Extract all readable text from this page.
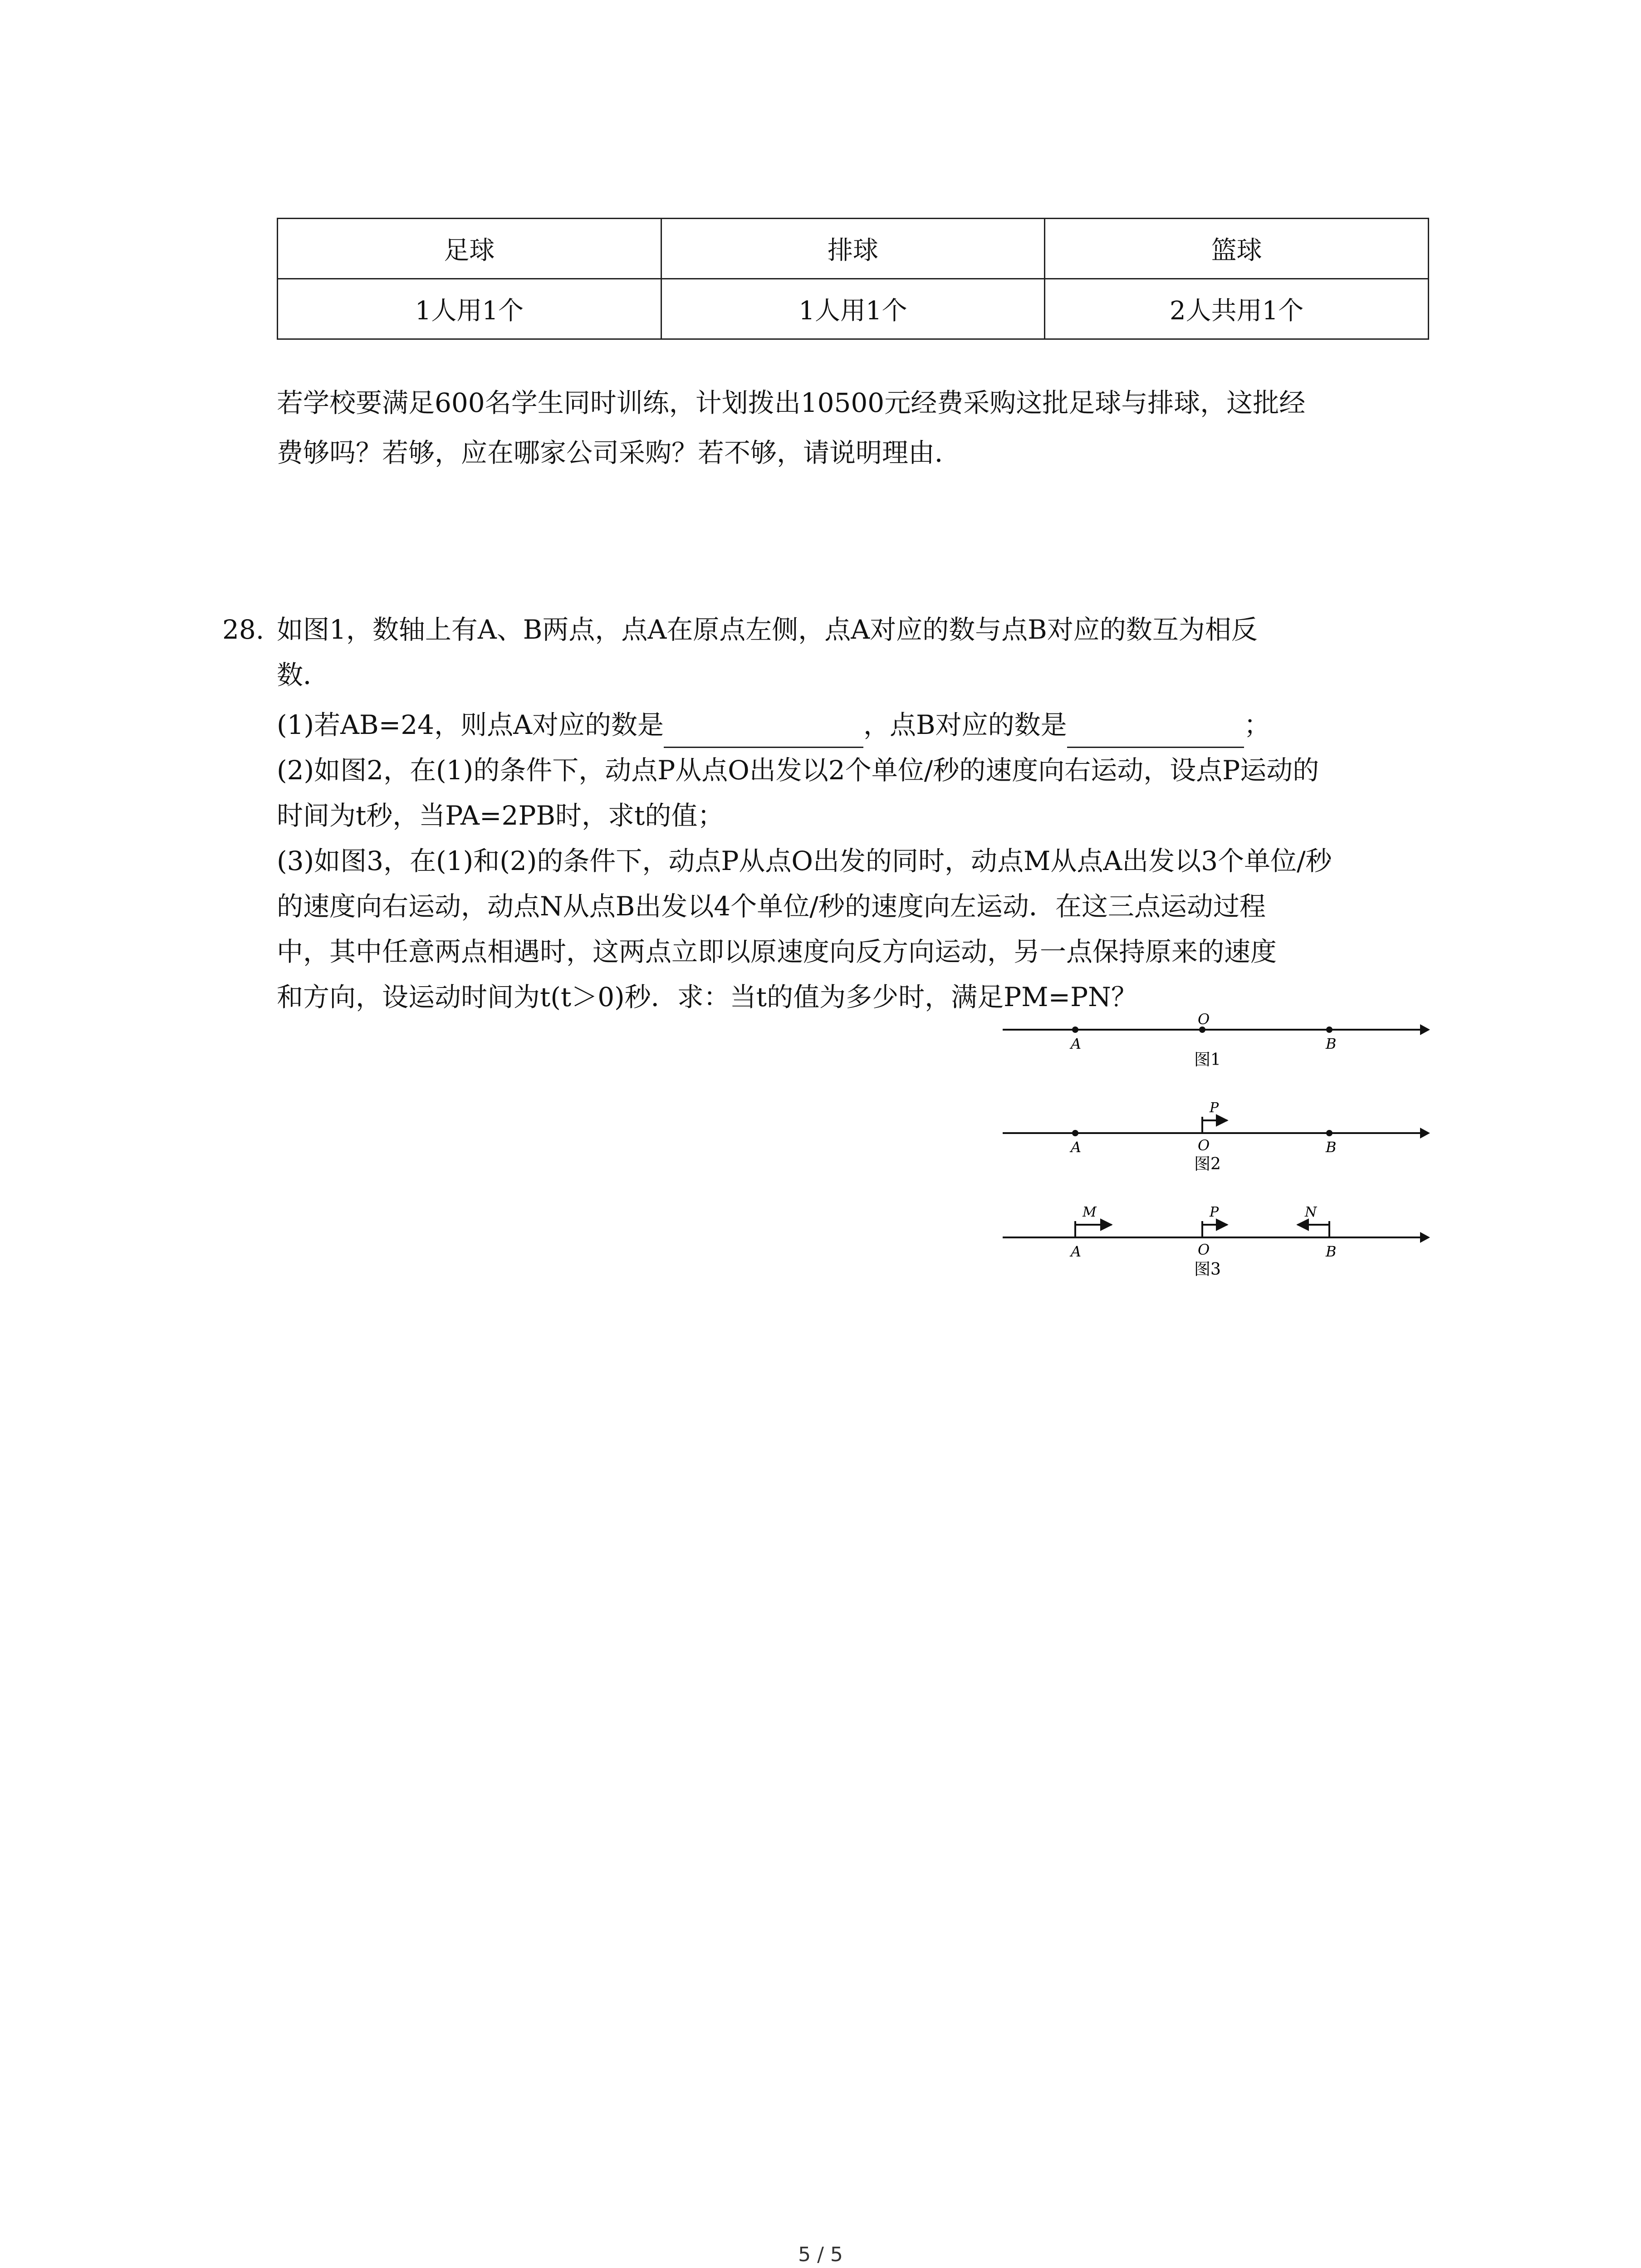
足球	排球	篮球
1人用1个	1人用1个	2人共用1个
若学校要满足600名学生同时训练，计划拨出10500元经费采购这批足球与排球，这批经
费够吗？若够，应在哪家公司采购？若不够，请说明理由．
28. 如图1，数轴上有A、B两点，点A在原点左侧，点A对应的数与点B对应的数互为相反
数．
(1)若AB=24，则点A对应的数是	，点B对应的数是	；
(2)如图2，在(1)的条件下，动点P从点O出发以2个单位/秒的速度向右运动，设点P运动的
时间为t秒，当PA=2PB时，求t的值；
(3)如图3，在(1)和(2)的条件下，动点P从点O出发的同时，动点M从点A出发以3个单位/秒
的速度向右运动，动点N从点B出发以4个单位/秒的速度向左运动．在这三点运动过程
中，其中任意两点相遇时，这两点立即以原速度向反方向运动，另一点保持原来的速度
和方向，设运动时间为t(t＞0)秒．求：当t的值为多少时，满足PM=PN？
A
O
B
图1
P
A	O	B
图2
M	P	N
A	O	B
图3
5 / 5
